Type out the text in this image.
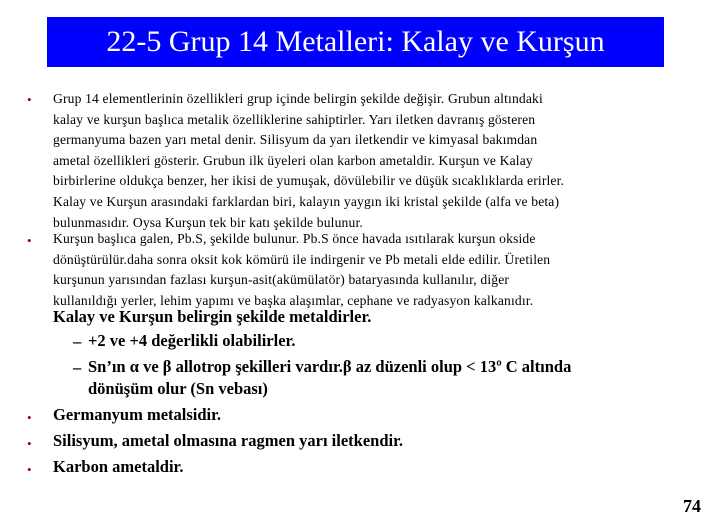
22-5 Grup 14 Metalleri: Kalay ve Kurşun
• Grup 14 elementlerinin özellikleri grup içinde belirgin şekilde değişir. Grubun altındaki
kalay ve kurşun başlıca metalik özelliklerine sahiptirler. Yarı iletken davranış gösteren
germanyuma bazen yarı metal denir. Silisyum da yarı iletkendir ve kimyasal bakımdan
ametal özellikleri gösterir. Grubun ilk üyeleri olan karbon ametaldir. Kurşun ve Kalay
birbirlerine oldukça benzer, her ikisi de yumuşak, dövülebilir ve düşük sıcaklıklarda erirler.
Kalay ve Kurşun arasındaki farklardan biri, kalayın yaygın iki kristal şekilde (alfa ve beta)
bulunmasıdır. Oysa Kurşun tek bir katı şekilde bulunur.
• Kurşun başlıca galen, Pb.S, şekilde bulunur. Pb.S önce havada ısıtılarak kurşun okside
dönüştürülür.daha sonra oksit kok kömürü ile indirgenir ve Pb metali elde edilir. Üretilen
kurşunun yarısından fazlası kurşun-asit(akümülatör) bataryasında kullanılır, diğer
kullanıldığı yerler, lehim yapımı ve başka alaşımlar, cephane ve radyasyon kalkanıdır.
Kalay ve Kurşun belirgin şekilde metaldirler.
– +2 ve +4 değerlikli olabilirler.
– Sn’ın α ve β allotrop şekilleri vardır.β az düzenli olup < 13º C altında
dönüşüm olur (Sn vebası)
• Germanyum metalsidir.
• Silisyum, ametal olmasına ragmen yarı iletkendir.
• Karbon ametaldir.
74
